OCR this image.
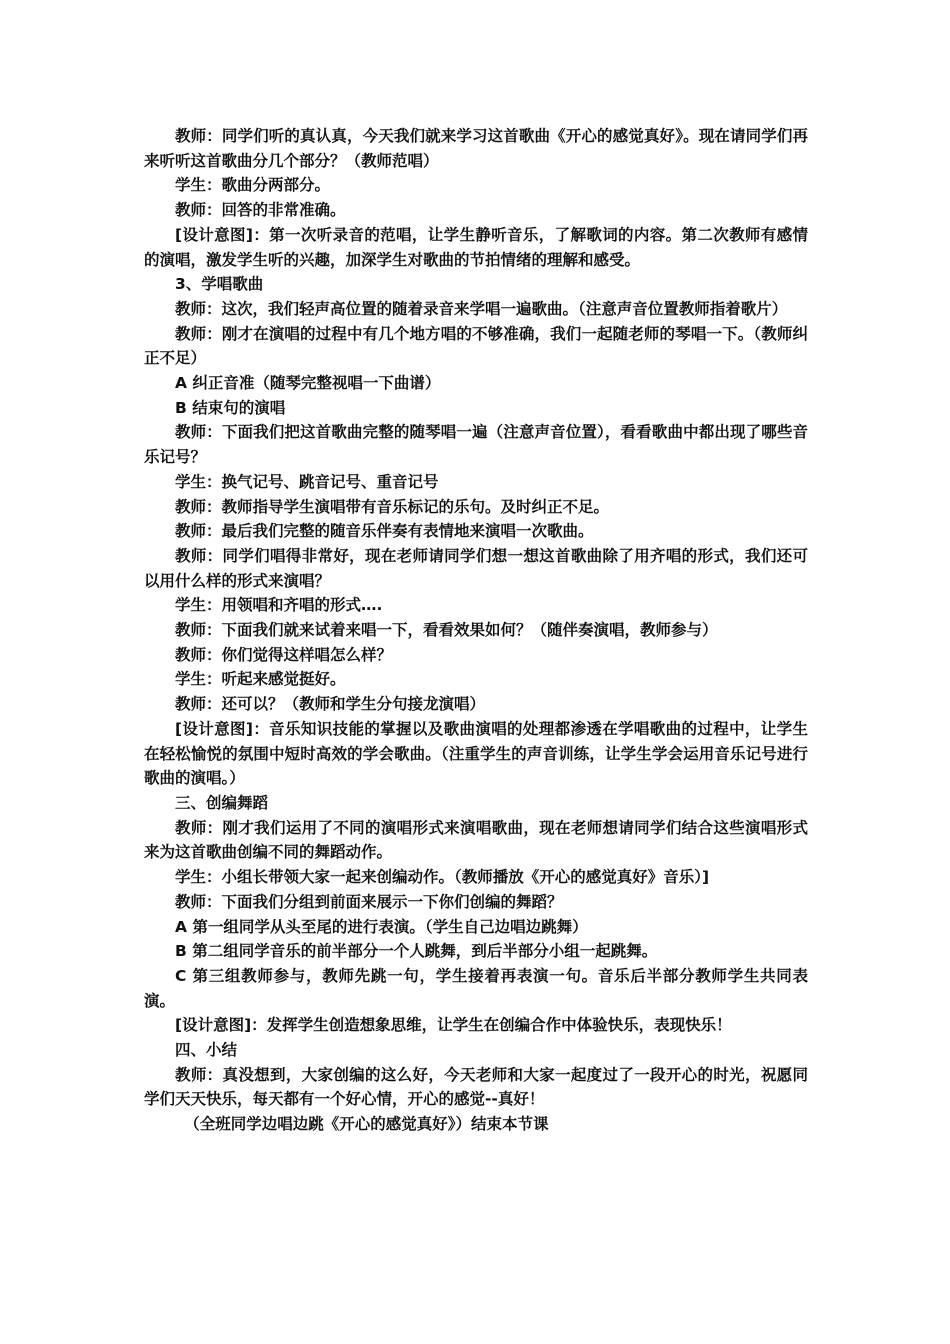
教师：同学们听的真认真，今天我们就来学习这首歌曲《开心的感觉真好》。现在请同学们再来听听这首歌曲分几个部分？（教师范唱）

学生：歌曲分两部分。

教师：回答的非常准确。

[设计意图]：第一次听录音的范唱，让学生静听音乐，了解歌词的内容。第二次教师有感情的演唱，激发学生听的兴趣，加深学生对歌曲的节拍情绪的理解和感受。

3、学唱歌曲

教师：这次，我们轻声高位置的随着录音来学唱一遍歌曲。（注意声音位置教师指着歌片）

教师：刚才在演唱的过程中有几个地方唱的不够准确，我们一起随老师的琴唱一下。（教师纠正不足）

A 纠正音准（随琴完整视唱一下曲谱）

B 结束句的演唱

教师：下面我们把这首歌曲完整的随琴唱一遍（注意声音位置），看看歌曲中都出现了哪些音乐记号？

学生：换气记号、跳音记号、重音记号

教师：教师指导学生演唱带有音乐标记的乐句。及时纠正不足。

教师：最后我们完整的随音乐伴奏有表情地来演唱一次歌曲。

教师：同学们唱得非常好，现在老师请同学们想一想这首歌曲除了用齐唱的形式，我们还可以用什么样的形式来演唱？

学生：用领唱和齐唱的形式….

教师：下面我们就来试着来唱一下，看看效果如何？（随伴奏演唱，教师参与）

教师：你们觉得这样唱怎么样？

学生：听起来感觉挺好。

教师：还可以？（教师和学生分句接龙演唱）

[设计意图]：音乐知识技能的掌握以及歌曲演唱的处理都渗透在学唱歌曲的过程中，让学生在轻松愉悦的氛围中短时高效的学会歌曲。（注重学生的声音训练，让学生学会运用音乐记号进行歌曲的演唱。）

三、创编舞蹈

教师：刚才我们运用了不同的演唱形式来演唱歌曲，现在老师想请同学们结合这些演唱形式来为这首歌曲创编不同的舞蹈动作。

学生：小组长带领大家一起来创编动作。（教师播放《开心的感觉真好》音乐）]

教师：下面我们分组到前面来展示一下你们创编的舞蹈？

A 第一组同学从头至尾的进行表演。（学生自己边唱边跳舞）

B 第二组同学音乐的前半部分一个人跳舞，到后半部分小组一起跳舞。

C 第三组教师参与，教师先跳一句，学生接着再表演一句。音乐后半部分教师学生共同表演。

[设计意图]：发挥学生创造想象思维，让学生在创编合作中体验快乐，表现快乐！

四、小结

教师：真没想到，大家创编的这么好，今天老师和大家一起度过了一段开心的时光，祝愿同学们天天快乐，每天都有一个好心情，开心的感觉--真好！

（全班同学边唱边跳《开心的感觉真好》）结束本节课
